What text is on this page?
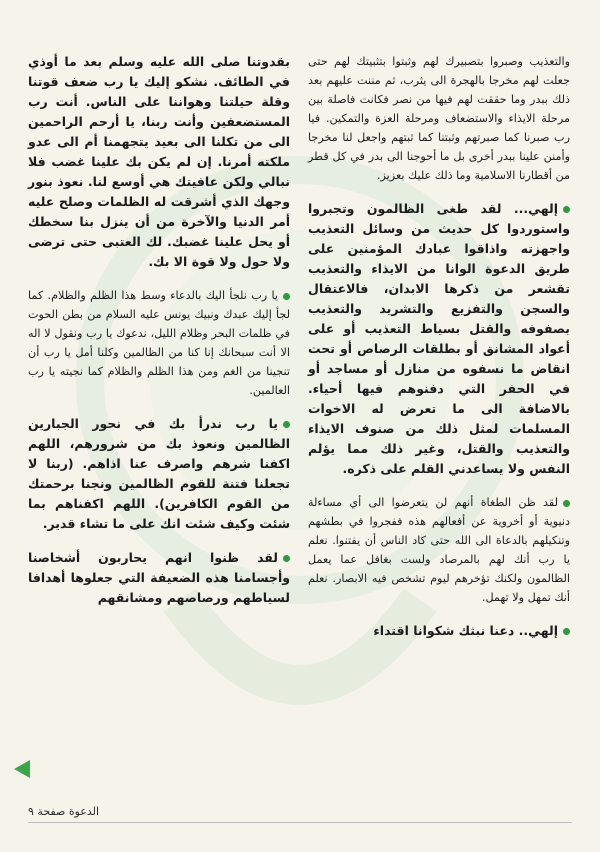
والتعذيب وصبروا بتصبيرك لهم وثبتوا بتثبيتك لهم حتى جعلت لهم مخرجا بالهجرة الى يثرب، ثم مننت عليهم بعد ذلك ببدر وما حققت لهم فيها من نصر فكانت فاصلة بين مرحلة الايذاء والاستضعاف ومرحلة العزة والتمكين. فيا رب صبرنا كما صبرتهم وثبتنا كما ثبتهم واجعل لنا مخرجا وأمنن علينا ببدر أخرى بل ما أحوجنا الى بدر في كل قطر من أقطارنا الاسلامية وما ذلك عليك بعزيز.

إلهي... لقد طغى الظالمون وتجبروا واستوردوا كل حديث من وسائل التعذيب واجهزته واذاقوا عبادك المؤمنين على طريق الدعوة الوانا من الايذاء والتعذيب تقشعر من ذكرها الابدان، فالاعتقال والسجن والتفزيع والتشريد والتعذيب بصفوفه والقتل بسياط التعذيب أو على أعواد المشانق أو بطلقات الرصاص أو تحت انقاض ما نسفوه من منازل أو مساجد أو في الحفر التي دفنوهم فيها أحياء. بالاضافة الى ما تعرض له الاخوات المسلمات لمثل ذلك من صنوف الايذاء والتعذيب والقتل، وغير ذلك مما يؤلم النفس ولا يساعدني القلم على ذكره.

لقد ظن الطغاة أنهم لن يتعرضوا الى أي مساءلة دنيوية أو أخروية عن أفعالهم هذه ففجروا في بطشهم وتنكيلهم بالدعاة الى الله حتى كاد الناس أن يفتنوا. نعلم يا رب أنك لهم بالمرصاد ولست بغافل عما يعمل الظالمون ولكنك تؤخرهم ليوم تشخص فيه الابصار. نعلم أنك تمهل ولا تهمل.

إلهي.. دعنا نبثك شكوانا اقتداء

بقدوتنا صلى الله عليه وسلم بعد ما أوذي في الطائف. نشكو إليك يا رب ضعف قوتنا وقلة حيلتنا وهواننا على الناس. أنت رب المستضعفين وأنت ربنا، يا أرحم الراحمين الى من تكلنا الى بعيد يتجهمنا أم الى عدو ملكته أمرنا. إن لم يكن بك علينا غضب فلا نبالي ولكن عافيتك هي أوسع لنا. نعوذ بنور وجهك الذي أشرقت له الظلمات وصلح عليه أمر الدنيا والآخرة من أن ينزل بنا سخطك أو يحل علينا غضبك. لك العتبى حتى ترضى ولا حول ولا قوة الا بك.

يا رب نلجأ اليك بالدعاء وسط هذا الظلم والظلام. كما لجأ إليك عبدك ونبيك يونس عليه السلام من بطن الحوت في ظلمات البحر وظلام الليل، ندعوك يا رب ونقول لا اله الا أنت سبحانك إنا كنا من الظالمين وكلنا أمل يا رب أن تنجينا من الغم ومن هذا الظلم والظلام كما نجيته يا رب العالمين.

يا رب ندرأ بك في نحور الجبارين الظالمين ونعوذ بك من شرورهم، اللهم اكفنا شرهم واصرف عنا اذاهم. (ربنا لا تجعلنا فتنة للقوم الظالمين ونجنا برحمتك من القوم الكافرين). اللهم اكفناهم بما شئت وكيف شئت انك على ما تشاء قدير.

لقد ظنوا انهم يحاربون أشخاصنا وأجسامنا هذه الضعيفة التي جعلوها أهدافا لسياطهم ورصاصهم ومشانقهم

الدعوة صفحة ٩
